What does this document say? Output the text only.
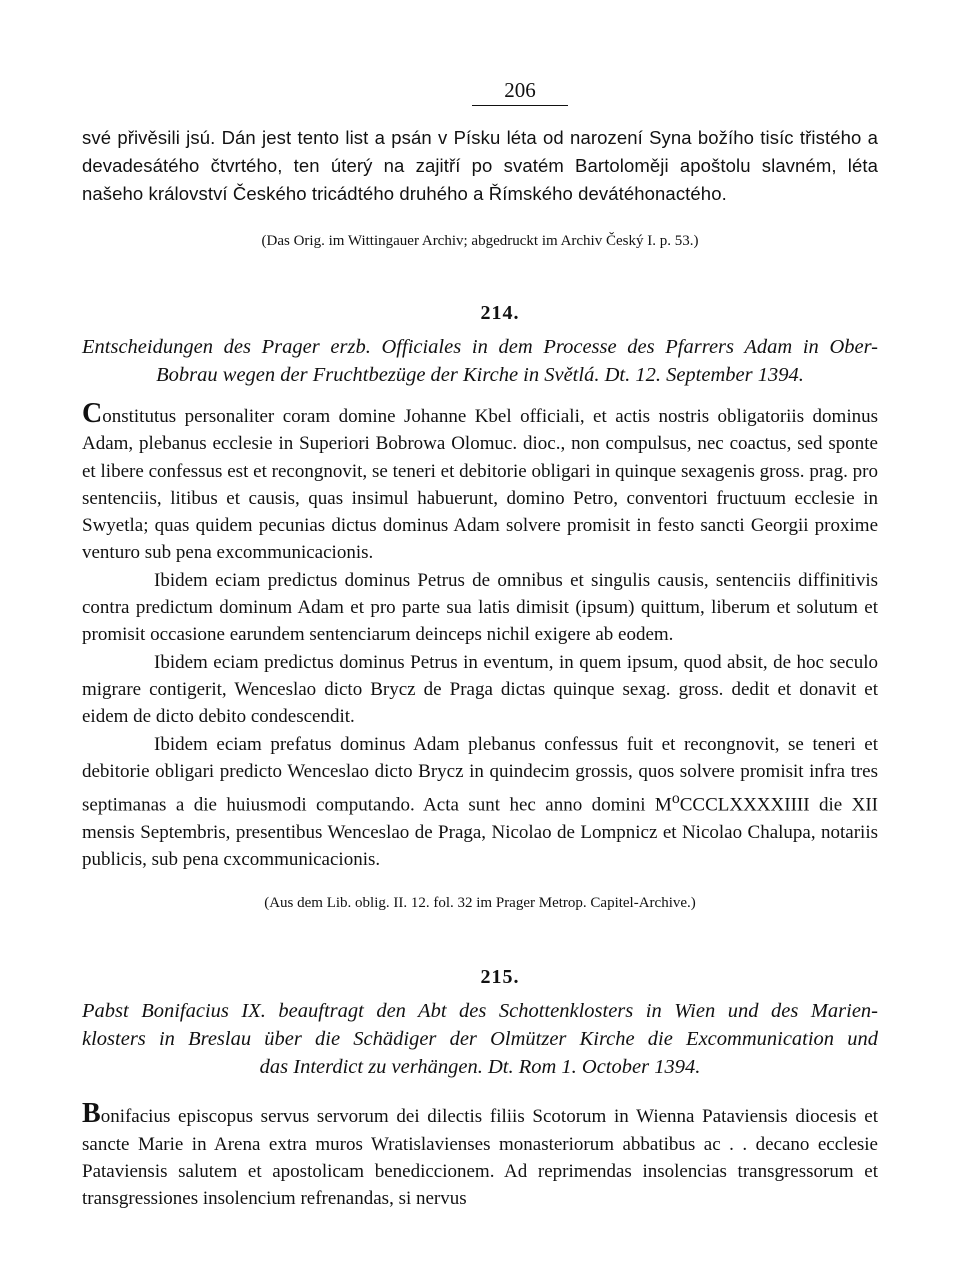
206

své přivěsili jsú. Dán jest tento list a psán v Písku léta od narození Syna božího tisíc třistého a devadesátého čtvrtého, ten úterý na zajitří po svatém Bartoloměji apoštolu slavném, léta našeho království Českého tricádtého druhého a Římského devátéhonactého.

(Das Orig. im Wittingauer Archiv; abgedruckt im Archiv Český I. p. 53.)

214.
Entscheidungen des Prager erzb. Officiales in dem Processe des Pfarrers Adam in Ober-
Bobrau wegen der Fruchtbezüge der Kirche in Světlá. Dt. 12. September 1394.

Constitutus personaliter coram domine Johanne Kbel officiali, et actis nostris obligatoriis dominus Adam, plebanus ecclesie in Superiori Bobrowa Olomuc. dioc., non compulsus, nec coactus, sed sponte et libere confessus est et recongnovit, se teneri et debitorie obligari in quinque sexagenis gross. prag. pro sentenciis, litibus et causis, quas insimul habuerunt, domino Petro, conventori fructuum ecclesie in Swyetla; quas quidem pecunias dictus dominus Adam solvere promisit in festo sancti Georgii proxime venturo sub pena excommunicacionis.

Ibidem eciam predictus dominus Petrus de omnibus et singulis causis, sentenciis diffinitivis contra predictum dominum Adam et pro parte sua latis dimisit (ipsum) quittum, liberum et solutum et promisit occasione earundem sentenciarum deinceps nichil exigere ab eodem.

Ibidem eciam predictus dominus Petrus in eventum, in quem ipsum, quod absit, de hoc seculo migrare contigerit, Wenceslao dicto Brycz de Praga dictas quinque sexag. gross. dedit et donavit et eidem de dicto debito condescendit.

Ibidem eciam prefatus dominus Adam plebanus confessus fuit et recongnovit, se teneri et debitorie obligari predicto Wenceslao dicto Brycz in quindecim grossis, quos solvere promisit infra tres septimanas a die huiusmodi computando. Acta sunt hec anno domini $M^oCCCLXXXXIIII$ die XII mensis Septembris, presentibus Wenceslao de Praga, Nicolao de Lompnicz et Nicolao Chalupa, notariis publicis, sub pena cxcommunicacionis.

(Aus dem Lib. oblig. II. 12. fol. 32 im Prager Metrop. Capitel-Archive.)

215.
Pabst Bonifacius IX. beauftragt den Abt des Schottenklosters in Wien und des Marien-
klosters in Breslau über die Schädiger der Olmützer Kirche die Excommunication und
das Interdict zu verhängen. Dt. Rom 1. October 1394.

Bonifacius episcopus servus servorum dei dilectis filiis Scotorum in Wienna Pataviensis diocesis et sancte Marie in Arena extra muros Wratislavienses monasteriorum abbatibus ac . . decano ecclesie Pataviensis salutem et apostolicam benediccionem. Ad reprimendas insolencias transgressorum et transgressiones insolencium refrenandas, si nervus
